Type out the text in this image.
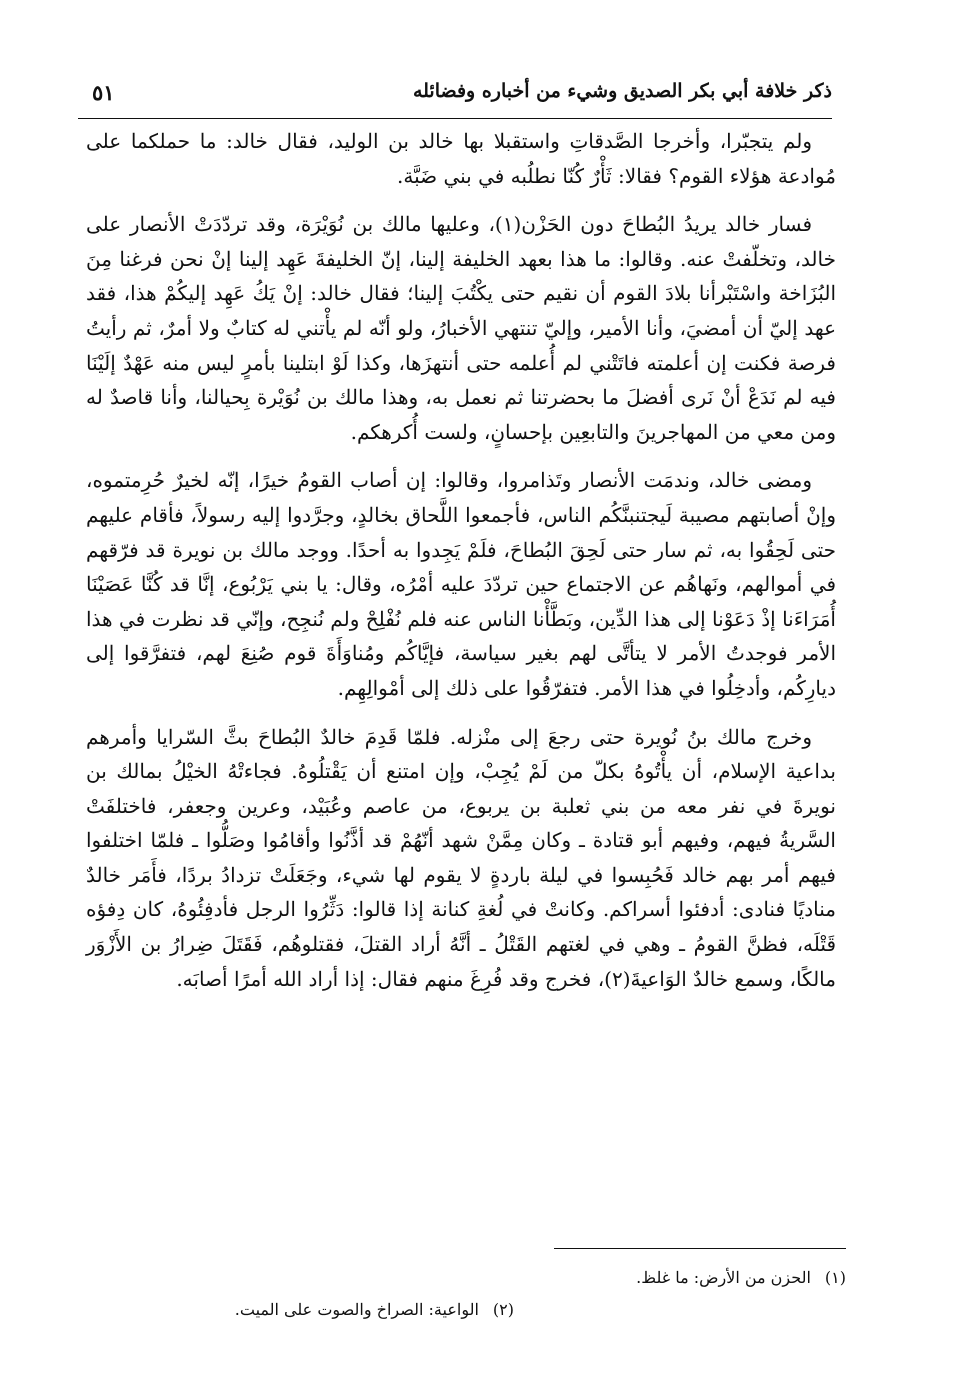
ذكر خلافة أبي بكر الصديق وشيء من أخباره وفضائله
٥١

ولم يتجبّرا، وأخرجا الصَّدقاتِ واستقبلا بها خالد بن الوليد، فقال خالد: ما حملكما على مُوادعة هؤلاء القوم؟ فقالا: ثَأْرٌ كُنّا نطلُبه في بني ضَبَّة.

فسار خالد يريدُ البُطاحَ دون الحَزْن(١)، وعليها مالك بن نُوَيْرَة، وقد تردّدَتْ الأنصار على خالد، وتخلّفتْ عنه. وقالوا: ما هذا بعهد الخليفة إلينا، إنّ الخليفةَ عَهِد إلينا إنْ نحن فرغنا مِنَ البُزَاخة واسْتَبْرأنا بلادَ القوم أن نقيم حتى يكْتُبَ إلينا؛ فقال خالد: إنْ يَكُ عَهِد إليكُمْ هذا، فقد عهد إليّ أن أمضيَ، وأنا الأمير، وإليّ تنتهي الأخبارُ، ولو أنّه لم يأْتني له كتابٌ ولا أمرٌ، ثم رأيتُ فرصة فكنت إن أعلمته فاتَتْني لم أُعلمه حتى أنتهزَها، وكذا لَوْ ابتلينا بأمرٍ ليس منه عَهْدٌ إلَيْنَا فيه لم نَدَعْ أنْ نَرى أفضلَ ما بحضرتنا ثم نعمل به، وهذا مالك بن نُوَيْرة بِحيالنا، وأنا قاصدٌ له ومن معي من المهاجرينَ والتابعِين بإحسانٍ، ولست أُكرهكم.

ومضى خالد، وندمَت الأنصار وتَذامروا، وقالوا: إن أصاب القومُ خيرًا، إنّه لخيرٌ حُرِمتموه، وإنْ أصابتهم مصيبة لَيجتنبنَّكُم الناس، فأجمعوا اللَّحاق بخالدٍ، وجرَّدوا إليه رسولاً، فأقام عليهم حتى لَحِقُوا به، ثم سار حتى لَحِقَ البُطاحَ، فلَمْ يَجِدوا به أحدًا. ووجد مالك بن نويرة قد فرّقهم في أموالهم، ونَهاهُم عن الاجتماع حين تردّدَ عليه أمْرُه، وقال: يا بني يَرْبُوع، إنَّا قد كُنَّا عَصَيْنَا أُمَرَاءَنا إذْ دَعَوْنا إلى هذا الدِّين، وبَطَّأْنا الناس عنه فلم نُفْلِحْ ولم نُنجِح، وإنّي قد نظرت في هذا الأمر فوجدتُ الأمر لا يتأتَّى لهم بغير سياسة، فإيَّاكُم ومُناوَأَةَ قوم صُنِعَ لهم، فتفرَّقوا إلى ديارِكُم، وأدخِلُوا في هذا الأمر. فتفرّقُوا على ذلك إلى أمْوالِهِم.

وخرج مالك بنُ نُويرة حتى رجعَ إلى منْزله. فلمّا قَدِمَ خالدٌ البُطاحَ بثَّ السّرايا وأمرهم بداعية الإسلام، أن يأْتُوهُ بكلّ من لَمْ يُجِبْ، وإن امتنع أن يَقْتلُوهُ. فجاءتْهُ الخيْلُ بمالك بن نويرةَ في نفر معه من بني ثعلبة بن يربوع، من عاصم وعُبَيْد، وعرين وجعفر، فاختلفَتْ السَّريةُ فيهم، وفيهم أبو قتادة ـ وكان مِمَّنْ شهد أنّهُمْ قد أذَّنُوا وأقامُوا وصَلُّوا ـ فلمّا اختلفوا فيهم أمر بهم خالد فَحُبِسوا في ليلة باردةٍ لا يقوم لها شيء، وجَعَلَتْ تزدادُ بردًا، فأَمَر خالدٌ مناديًا فنادى: أدفئوا أسراكم. وكانتْ في لُغةِ كنانة إذا قالوا: دَثِّرُوا الرجل فأدفِئُوهُ، كان دِفؤه قَتْلَه، فظنَّ القومُ ـ وهي في لغتهم القَتْلُ ـ أنَّهُ أراد القتلَ، فقتلوهُم، فَقَتَلَ ضِرارُ بن الأَزْوَر مالكًا، وسمع خالدٌ الوَاعيةَ(٢)، فخرج وقد فُرِغَ منهم فقال: إذا أراد الله أمرًا أصابَه.

(١)الحزن من الأرض: ما غلظ.
(٢)الواعية: الصراخ والصوت على الميت.
